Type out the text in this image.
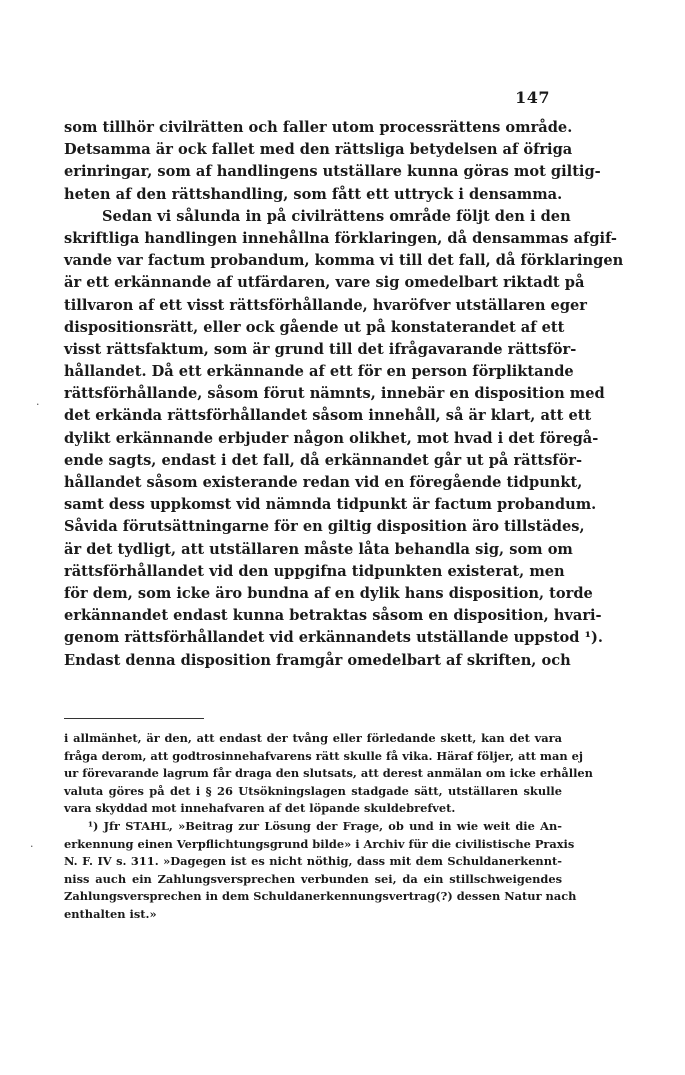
147
som tillhör civilrätten och faller utom processrättens område.
Detsamma är ock fallet med den rättsliga betydelsen af öfriga
erinringar, som af handlingens utställare kunna göras mot giltig-
heten af den rättshandling, som fått ett uttryck i densamma.
Sedan vi sålunda in på civilrättens område följt den i den
skriftliga handlingen innehållna förklaringen, då densammas afgif-
vande var factum probandum, komma vi till det fall, då förklaringen
är ett erkännande af utfärdaren, vare sig omedelbart riktadt på
tillvaron af ett visst rättsförhållande, hvaröfver utställaren eger
dispositionsrätt, eller ock gående ut på konstaterandet af ett
visst rättsfaktum, som är grund till det ifrågavarande rättsför-
hållandet. Då ett erkännande af ett för en person förpliktande
rättsförhållande, såsom förut nämnts, innebär en disposition med
det erkända rättsförhållandet såsom innehåll, så är klart, att ett
dylikt erkännande erbjuder någon olikhet, mot hvad i det föregå-
ende sagts, endast i det fall, då erkännandet går ut på rättsför-
hållandet såsom existerande redan vid en föregående tidpunkt,
samt dess uppkomst vid nämnda tidpunkt är factum probandum.
Såvida förutsättningarne för en giltig disposition äro tillstädes,
är det tydligt, att utställaren måste låta behandla sig, som om
rättsförhållandet vid den uppgifna tidpunkten existerat, men
för dem, som icke äro bundna af en dylik hans disposition, torde
erkännandet endast kunna betraktas såsom en disposition, hvari-
genom rättsförhållandet vid erkännandets utställande uppstod ¹).
Endast denna disposition framgår omedelbart af skriften, och
i allmänhet, är den, att endast der tvång eller förledande skett, kan det vara
fråga derom, att godtrosinnehafvarens rätt skulle få vika. Häraf följer, att man ej
ur förevarande lagrum får draga den slutsats, att derest anmälan om icke erhållen
valuta göres på det i § 26 Utsökningslagen stadgade sätt, utställaren skulle
vara skyddad mot innehafvaren af det löpande skuldebrefvet.
¹) Jfr STAHL, »Beitrag zur Lösung der Frage, ob und in wie weit die An-
erkennung einen Verpflichtungsgrund bilde» i Archiv für die civilistische Praxis
N. F. IV s. 311. »Dagegen ist es nicht nöthig, dass mit dem Schuldanerkennt-
niss auch ein Zahlungsversprechen verbunden sei, da ein stillschweigendes
Zahlungsversprechen in dem Schuldanerkennungsvertrag(?) dessen Natur nach
enthalten ist.»
·
·
